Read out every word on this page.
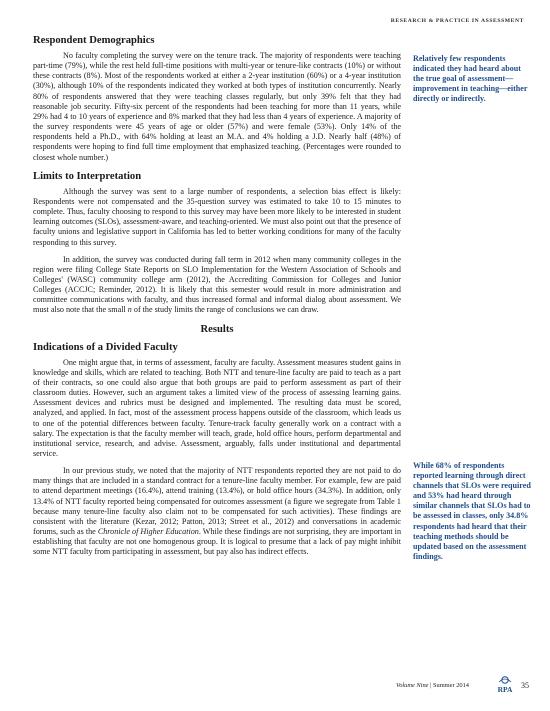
RESEARCH & PRACTICE IN ASSESSMENT
Respondent Demographics

No faculty completing the survey were on the tenure track. The majority of respondents were teaching part-time (79%), while the rest held full-time positions with multi-year or tenure-like contracts (10%) or without these contracts (8%). Most of the respondents worked at either a 2-year institution (60%) or a 4-year institution (30%), although 10% of the respondents indicated they worked at both types of institution concurrently. Nearly 80% of respondents answered that they were teaching classes regularly, but only 39% felt that they had reasonable job security. Fifty-six percent of the respondents had been teaching for more than 11 years, while 29% had 4 to 10 years of experience and 8% marked that they had less than 4 years of experience. A majority of the survey respondents were 45 years of age or older (57%) and were female (53%). Only 14% of the respondents held a Ph.D., with 64% holding at least an M.A. and 4% holding a J.D. Nearly half (48%) of respondents were hoping to find full time employment that emphasized teaching. (Percentages were rounded to closest whole number.)

Limits to Interpretation

Although the survey was sent to a large number of respondents, a selection bias effect is likely: Respondents were not compensated and the 35-question survey was estimated to take 10 to 15 minutes to complete. Thus, faculty choosing to respond to this survey may have been more likely to be interested in student learning outcomes (SLOs), assessment-aware, and teaching-oriented. We must also point out that the presence of faculty unions and legislative support in California has led to better working conditions for many of the faculty responding to this survey.

In addition, the survey was conducted during fall term in 2012 when many community colleges in the region were filing College State Reports on SLO Implementation for the Western Association of Schools and Colleges' (WASC) community college arm (2012), the Accrediting Commission for Colleges and Junior Colleges (ACCJC; Reminder, 2012). It is likely that this semester would result in more administration and committee communications with faculty, and thus increased formal and informal dialog about assessment. We must also note that the small n of the study limits the range of conclusions we can draw.

Results
Indications of a Divided Faculty

One might argue that, in terms of assessment, faculty are faculty. Assessment measures student gains in knowledge and skills, which are related to teaching. Both NTT and tenure-line faculty are paid to teach as a part of their contracts, so one could also argue that both groups are paid to perform assessment as part of their classroom duties. However, such an argument takes a limited view of the process of assessing learning gains. Assessment devices and rubrics must be designed and implemented. The resulting data must be scored, analyzed, and applied. In fact, most of the assessment process happens outside of the classroom, which leads us to one of the potential differences between faculty. Tenure-track faculty generally work on a contract with a salary. The expectation is that the faculty member will teach, grade, hold office hours, perform departmental and institutional service, research, and advise. Assessment, arguably, falls under institutional and departmental service.

In our previous study, we noted that the majority of NTT respondents reported they are not paid to do many things that are included in a standard contract for a tenure-line faculty member. For example, few are paid to attend department meetings (16.4%), attend training (13.4%), or hold office hours (34.3%). In addition, only 13.4% of NTT faculty reported being compensated for outcomes assessment (a figure we segregate from Table 1 because many tenure-line faculty also claim not to be compensated for such activities). These findings are consistent with the literature (Kezar, 2012; Patton, 2013; Street et al., 2012) and conversations in academic forums, such as the Chronicle of Higher Education. While these findings are not surprising, they are important in establishing that faculty are not one homogenous group. It is logical to presume that a lack of pay might inhibit some NTT faculty from participating in assessment, but pay also has indirect effects.

Relatively few respondents indicated they had heard about the true goal of assessment—improvement in teaching—either directly or indirectly.
While 68% of respondents reported learning through direct channels that SLOs were required and 53% had heard through similar channels that SLOs had to be assessed in classes, only 34.8% respondents had heard that their teaching methods should be updated based on the assessment findings.
Volume Nine | Summer 2014	RPA 35
